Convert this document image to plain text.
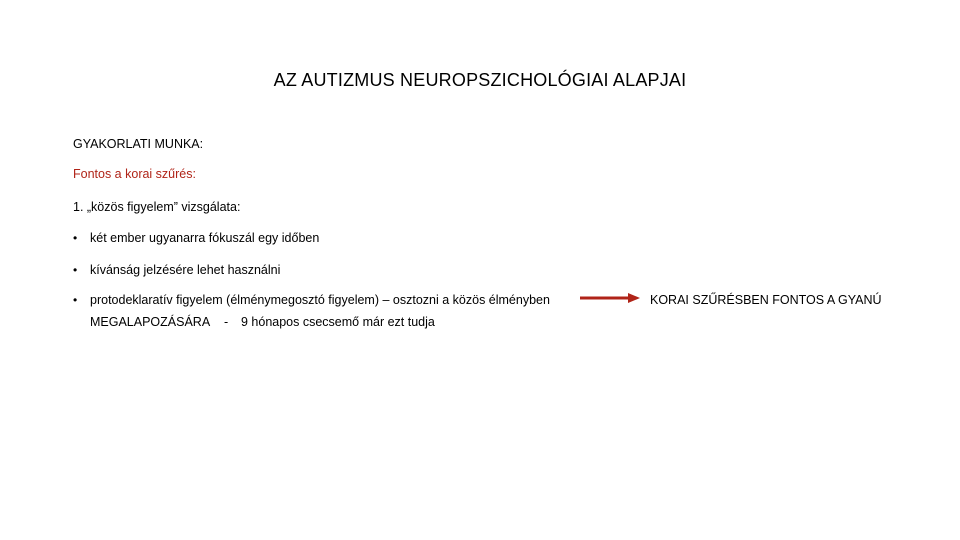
AZ AUTIZMUS NEUROPSZICHOLÓGIAI ALAPJAI
GYAKORLATI MUNKA:
Fontos a korai szűrés:
1. „közös figyelem” vizsgálata:
• két ember ugyanarra fókuszál egy időben
• kívánság jelzésére lehet használni
• protodeklaratív figyelem (élménymegosztó figyelem) – osztozni a közös élményben
MEGALAPOZÁSÁRA - 9 hónapos csecsemő már ezt tudja
KORAI SZŰRÉSBEN FONTOS A GYANÚ
